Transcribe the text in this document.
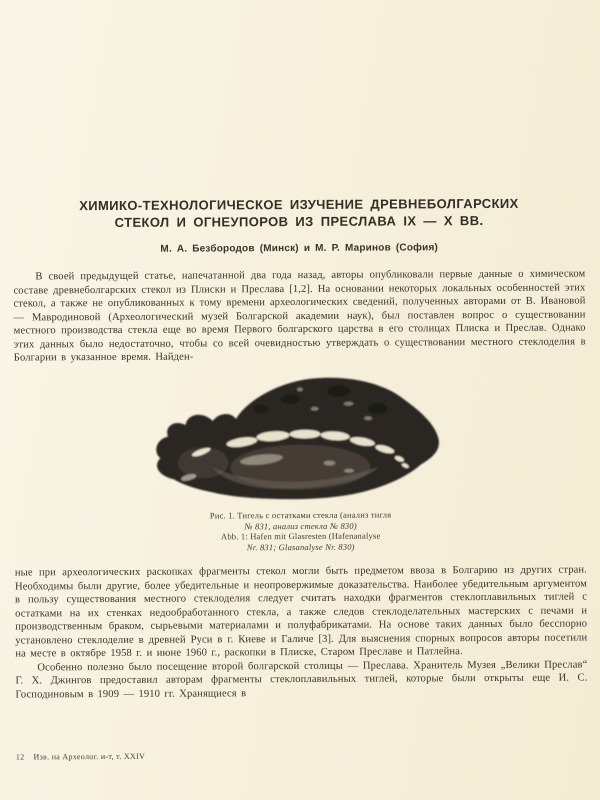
ХИМИКО-ТЕХНОЛОГИЧЕСКОЕ ИЗУЧЕНИЕ ДРЕВНЕБОЛГАРСКИХ
СТЕКОЛ И ОГНЕУПОРОВ ИЗ ПРЕСЛАВА IX — X ВВ.
М. А. Безбородов (Минск) и М. Р. Маринов (София)

В своей предыдущей статье, напечатанной два года назад, авторы опубликовали первые данные о химическом составе древнеболгарских стекол из Плиски и Преслава [1,2]. На основании некоторых локальных особенностей этих стекол, а также не опубликованных к тому времени археологических сведений, полученных авторами от В. Ивановой — Мавродиновой (Археологический музей Болгарской академии наук), был поставлен вопрос о существовании местного производства стекла еще во время Первого болгарского царства в его столицах Плиска и Преслав. Однако этих данных было недостаточно, чтобы со всей очевидностью утверждать о существовании местного стеклоделия в Болгарии в указанное время. Найден-

Рис. 1. Тигель с остатками стекла (анализ тигля
№ 831, анализ стекла № 830)
Abb. 1: Hafen mit Glasresten (Hafenanalyse
Nr. 831; Glasanalyse Nr. 830)

ные при археологических раскопках фрагменты стекол могли быть предметом ввоза в Болгарию из других стран. Необходимы были другие, более убедительные и неопровержимые доказательства. Наиболее убедительным аргументом в пользу существования местного стеклоделия следует считать находки фрагментов стеклоплавильных тиглей с остатками на их стенках недообработанного стекла, а также следов стеклоделательных мастерских с печами и производственным браком, сырьевыми материалами и полуфабрикатами. На основе таких данных было бесспорно установлено стеклоделие в древней Руси в г. Киеве и Галиче [3]. Для выяснения спорных вопросов авторы посетили на месте в октябре 1958 г. и июне 1960 г., раскопки в Плиске, Старом Преславе и Патлейна.

Особенно полезно было посещение второй болгарской столицы — Преслава. Хранитель Музея „Велики Преслав“ Г. Х. Джингов предоставил авторам фрагменты стеклоплавильных тиглей, которые были открыты еще И. С. Господиновым в 1909 — 1910 гг. Хранящиеся в

12 Изв. на Археолог. и-т, т. XXIV
